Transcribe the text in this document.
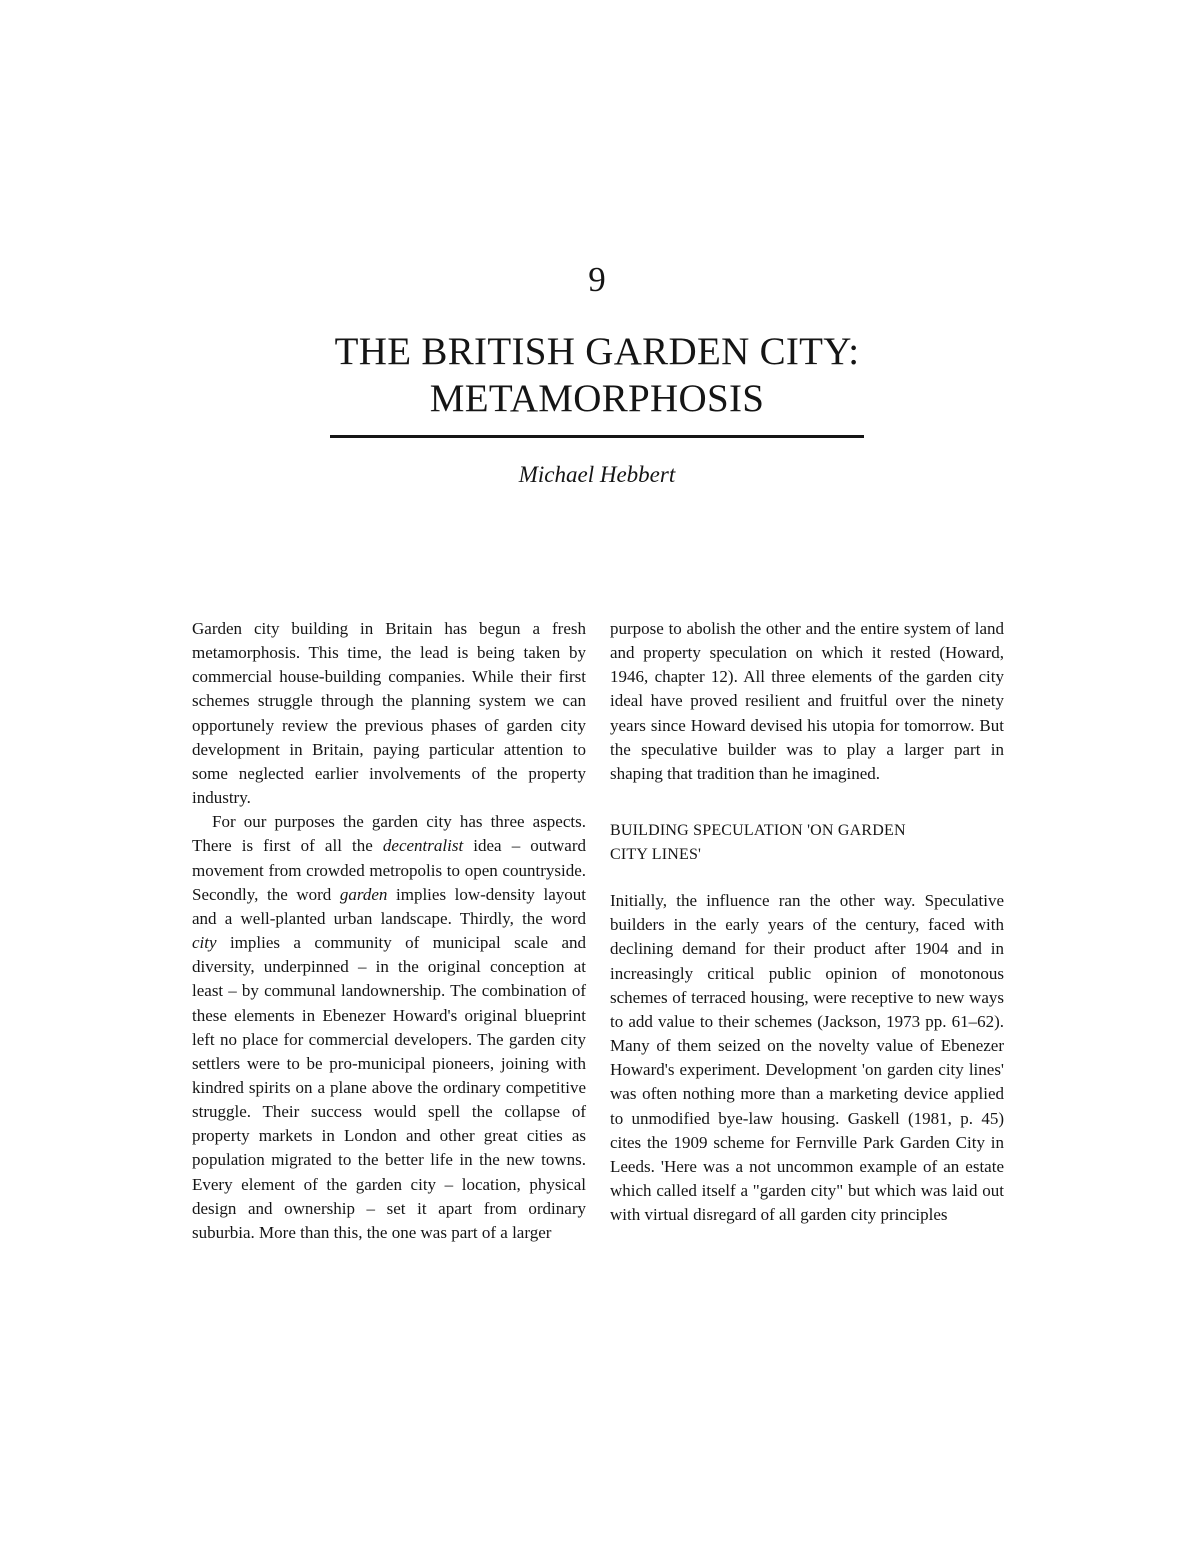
9
THE BRITISH GARDEN CITY:
METAMORPHOSIS
Michael Hebbert

Garden city building in Britain has begun a fresh metamorphosis. This time, the lead is being taken by commercial house-building companies. While their first schemes struggle through the planning system we can opportunely review the previous phases of garden city development in Britain, paying particular attention to some neglected earlier involvements of the property industry.

For our purposes the garden city has three aspects. There is first of all the decentralist idea – outward movement from crowded metropolis to open countryside. Secondly, the word garden implies low-density layout and a well-planted urban landscape. Thirdly, the word city implies a community of municipal scale and diversity, underpinned – in the original conception at least – by communal landownership. The combination of these elements in Ebenezer Howard's original blueprint left no place for commercial developers. The garden city settlers were to be pro-municipal pioneers, joining with kindred spirits on a plane above the ordinary competitive struggle. Their success would spell the collapse of property markets in London and other great cities as population migrated to the better life in the new towns. Every element of the garden city – location, physical design and ownership – set it apart from ordinary suburbia. More than this, the one was part of a larger

purpose to abolish the other and the entire system of land and property speculation on which it rested (Howard, 1946, chapter 12). All three elements of the garden city ideal have proved resilient and fruitful over the ninety years since Howard devised his utopia for tomorrow. But the speculative builder was to play a larger part in shaping that tradition than he imagined.

BUILDING SPECULATION 'ON GARDEN
CITY LINES'

Initially, the influence ran the other way. Speculative builders in the early years of the century, faced with declining demand for their product after 1904 and in increasingly critical public opinion of monotonous schemes of terraced housing, were receptive to new ways to add value to their schemes (Jackson, 1973 pp. 61–62). Many of them seized on the novelty value of Ebenezer Howard's experiment. Development 'on garden city lines' was often nothing more than a marketing device applied to unmodified bye-law housing. Gaskell (1981, p. 45) cites the 1909 scheme for Fernville Park Garden City in Leeds. 'Here was a not uncommon example of an estate which called itself a "garden city" but which was laid out with virtual disregard of all garden city principles
